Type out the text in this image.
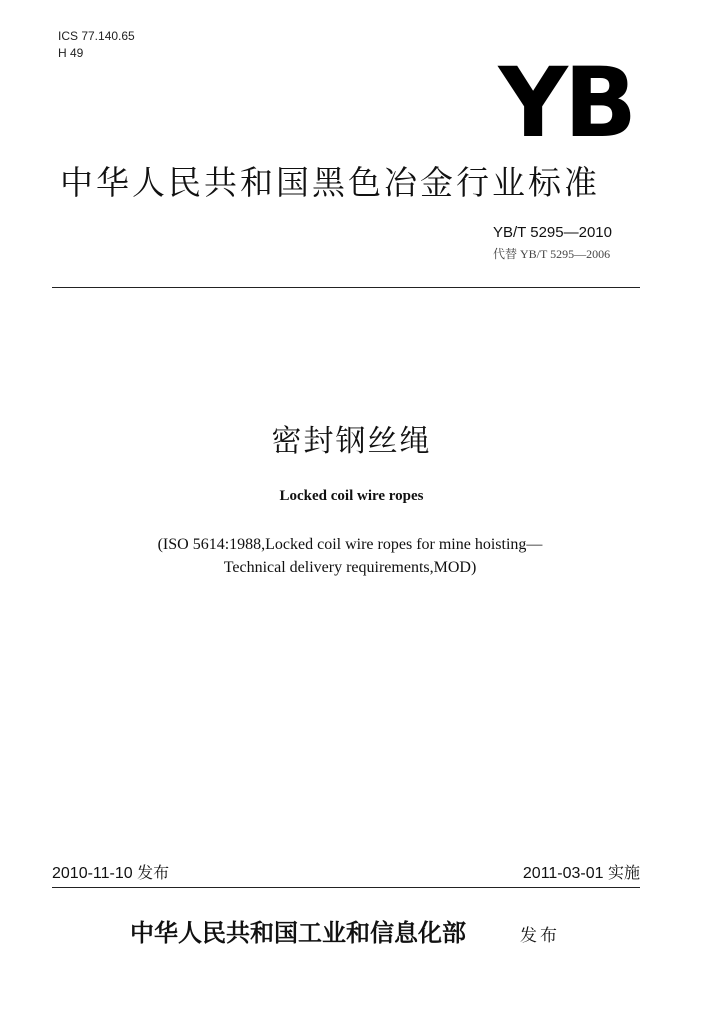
ICS 77.140.65
H 49	YB
中华人民共和国黑色冶金行业标准
YB/T 5295—2010
代替 YB/T 5295—2006
密封钢丝绳
Locked coil wire ropes
(ISO 5614:1988,Locked coil wire ropes for mine hoisting—
Technical delivery requirements,MOD)
2010-11-10 发布	2011-03-01 实施
中华人民共和国工业和信息化部	发布
